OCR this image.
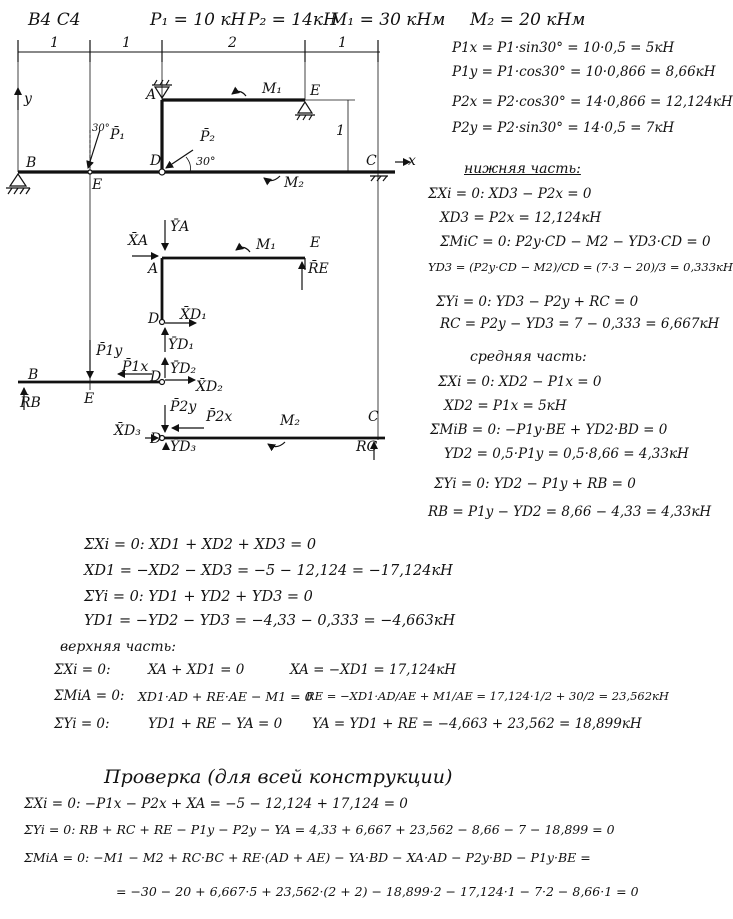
В4 С4	P₁ = 10 кН P₂ = 14кН
M₁ = 30 кНм M₂ = 20 кНм
1	1	2	1
y
x
A	E
B	D	C
E
M₁
M₂
P̄₁	P̄₂
30°
30°
1
X̄A
ȲA
A
M₁ E
R̄E
D X̄D₁
ȲD₁
B
R̄B	E
P̄1y
P̄1x
D ȲD₂
X̄D₂
X̄D₃ D ȲD₃
P̄2y
P̄2x	M₂	C
R̄C
P1x = P1·sin30° = 10·0,5 = 5кН
P1y = P1·cos30° = 10·0,866 = 8,66кН
P2x = P2·cos30° = 14·0,866 = 12,124кН
P2y = P2·sin30° = 14·0,5 = 7кН
нижняя часть:
ΣXi = 0: XD3 − P2x = 0
XD3 = P2x = 12,124кН
ΣMiC = 0: P2y·CD − M2 − YD3·CD = 0
YD3 = (P2y·CD − M2)/CD = (7·3 − 20)/3 = 0,333кН
ΣYi = 0: YD3 − P2y + RC = 0
RC = P2y − YD3 = 7 − 0,333 = 6,667кН
средняя часть:
ΣXi = 0: XD2 − P1x = 0
XD2 = P1x = 5кН
ΣMiB = 0: −P1y·BE + YD2·BD = 0
YD2 = 0,5·P1y = 0,5·8,66 = 4,33кН
ΣYi = 0: YD2 − P1y + RB = 0
RB = P1y − YD2 = 8,66 − 4,33 = 4,33кН
ΣXi = 0: XD1 + XD2 + XD3 = 0
XD1 = −XD2 − XD3 = −5 − 12,124 = −17,124кН
ΣYi = 0: YD1 + YD2 + YD3 = 0
YD1 = −YD2 − YD3 = −4,33 − 0,333 = −4,663кН
верхняя часть:
ΣXi = 0:	XA + XD1 = 0	XA = −XD1 = 17,124кН
ΣMiA = 0: XD1·AD + RE·AE − M1 = 0
RE = −XD1·AD/AE + M1/AE = 17,124·1/2 + 30/2 = 23,562кН
ΣYi = 0:	YD1 + RE − YA = 0 YA = YD1 + RE = −4,663 + 23,562 = 18,899кН
Проверка (для всей конструкции)
ΣXi = 0: −P1x − P2x + XA = −5 − 12,124 + 17,124 = 0
ΣYi = 0: RB + RC + RE − P1y − P2y − YA = 4,33 + 6,667 + 23,562 − 8,66 − 7 − 18,899 = 0
ΣMiA = 0: −M1 − M2 + RC·BC + RE·(AD + AE) − YA·BD − XA·AD − P2y·BD − P1y·BE =
= −30 − 20 + 6,667·5 + 23,562·(2 + 2) − 18,899·2 − 17,124·1 − 7·2 − 8,66·1 = 0
